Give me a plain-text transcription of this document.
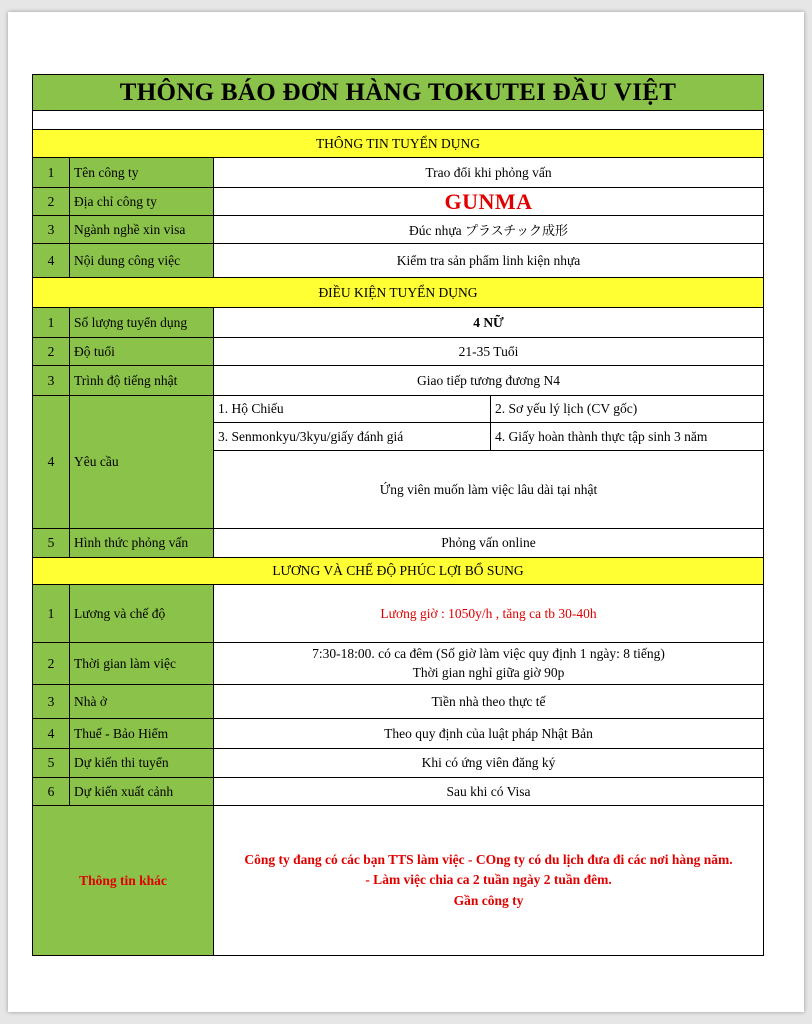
THÔNG BÁO ĐƠN HÀNG TOKUTEI ĐẦU VIỆT			

THÔNG TIN TUYỂN DỤNG			
1	Tên công ty	Trao đổi khi phỏng vấn	
2	Địa chỉ công ty	GUNMA	
3	Ngành nghề xin visa	Đúc nhựa プラスチック成形	
4	Nội dung công việc	Kiểm tra sản phẩm linh kiện nhựa	
ĐIỀU KIỆN TUYỂN DỤNG			
1	Số lượng tuyển dụng	4 NỮ	
2	Độ tuổi	21-35 Tuổi	
3	Trình độ tiếng nhật	Giao tiếp tương đương N4	
4	Yêu cầu	1. Hộ Chiếu	2. Sơ yếu lý lịch (CV gốc)
		3. Senmonkyu/3kyu/giấy đánh giá	4. Giấy hoàn thành thực tập sinh 3 năm
		Ứng viên muốn làm việc lâu dài tại nhật	
5	Hình thức phỏng vấn	Phỏng vấn online	
LƯƠNG VÀ CHẾ ĐỘ PHÚC LỢI BỔ SUNG			
1	Lương và chế độ	Lương giờ : 1050y/h , tăng ca tb 30-40h	
2	Thời gian làm việc	7:30-18:00. có ca đêm (Số giờ làm việc quy định 1 ngày: 8 tiếng)
Thời gian nghỉ giữa giờ 90p	

3	Nhà ở	Tiền nhà theo thực tế	
4	Thuế - Bảo Hiểm	Theo quy định của luật pháp Nhật Bản	
5	Dự kiến thi tuyển	Khi có ứng viên đăng ký	
6	Dự kiến xuất cảnh	Sau khi có Visa	
Thông tin khác		Công ty đang có các bạn TTS làm việc - COng ty có du lịch đưa đi các nơi hàng năm.
- Làm việc chia ca 2 tuần ngày 2 tuần đêm.
Gần công ty	
